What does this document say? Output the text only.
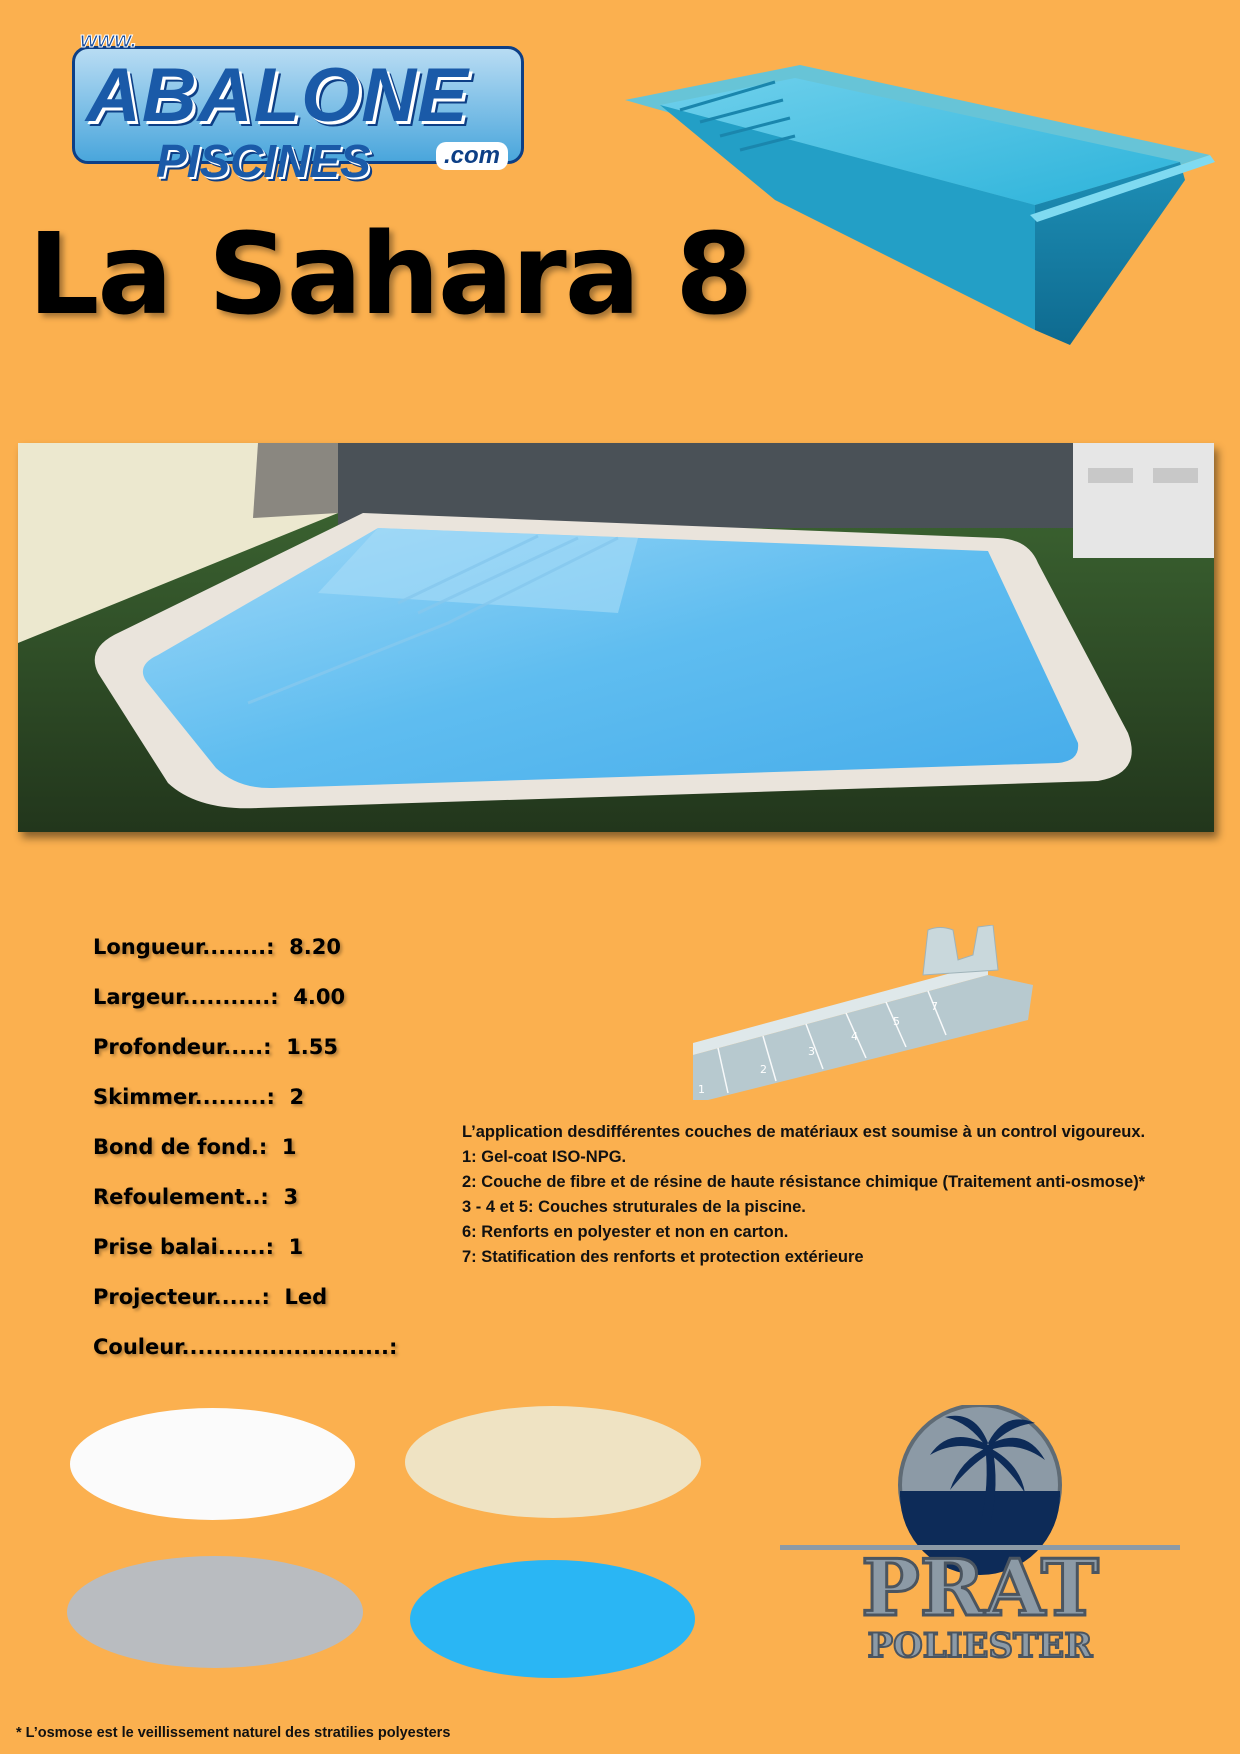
www.
ABALONE
PISCINES	.com
La Sahara 8
Longueur........: 8.20
Largeur...........: 4.00
Profondeur.....: 1.55
Skimmer.........: 2
Bond de fond.: 1
Refoulement..: 3
Prise balai......: 1
Projecteur......: Led
Couleur..........................:
1
2
3
4
5
7
L’application desdifférentes couches de matériaux est soumise à un control vigoureux.
1: Gel-coat ISO-NPG.
2: Couche de fibre et de résine de haute résistance chimique (Traitement anti-osmose)*
3 - 4 et 5: Couches struturales de la piscine.
6: Renforts en polyester et non en carton.
7: Statification des renforts et protection extérieure
PRAT
POLIESTER
* L’osmose est le veillissement naturel des stratilies polyesters
